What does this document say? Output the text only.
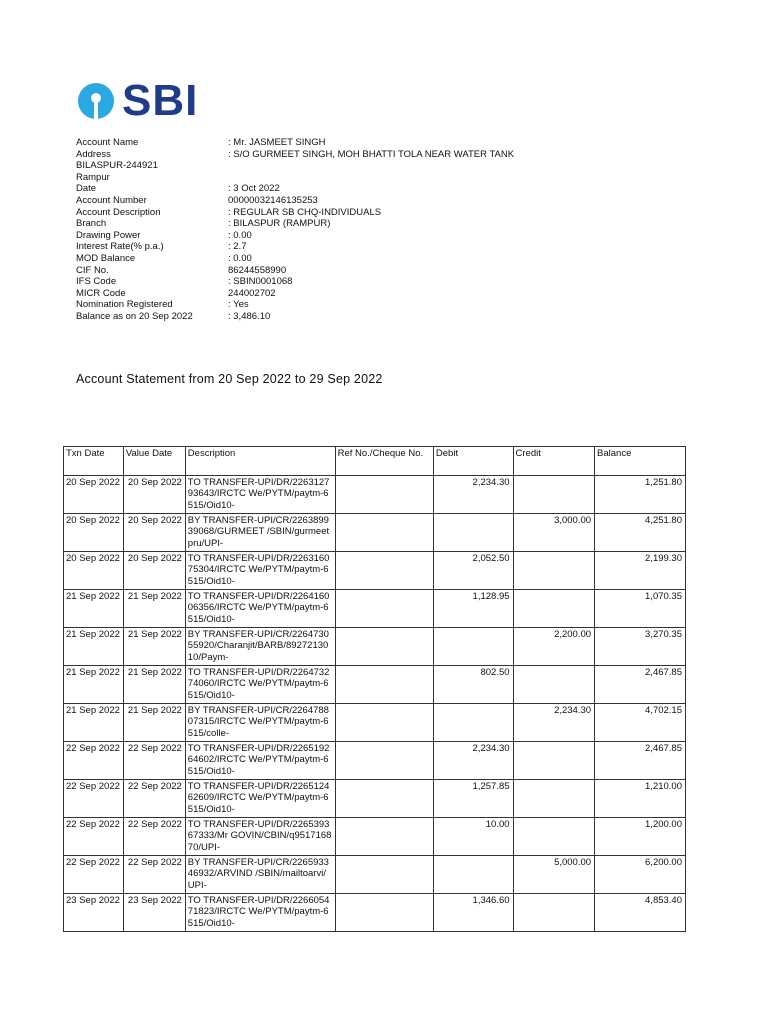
SBI
Account Name	: Mr. JASMEET SINGH
Address	: S/O GURMEET SINGH, MOH BHATTI TOLA NEAR WATER TANK
BILASPUR-244921
Rampur
Date	: 3 Oct 2022
Account Number	00000032146135253
Account Description	: REGULAR SB CHQ-INDIVIDUALS
Branch	: BILASPUR (RAMPUR)
Drawing Power	: 0.00
Interest Rate(% p.a.)	: 2.7
MOD Balance	: 0.00
CIF No.	86244558990
IFS Code	: SBIN0001068
MICR Code	244002702
Nomination Registered	: Yes
Balance as on 20 Sep 2022	: 3,486.10
Account Statement from 20 Sep 2022 to 29 Sep 2022
Txn Date	Value Date	Description	Ref No./Cheque No.	Debit	Credit	Balance
20 Sep 2022	20 Sep 2022	TO TRANSFER-UPI/DR/226312793643/IRCTC We/PYTM/paytm-6515/Oid10-		2,234.30		1,251.80
20 Sep 2022	20 Sep 2022	BY TRANSFER-UPI/CR/226389939068/GURMEET /SBIN/gurmeetpru/UPI-			3,000.00	4,251.80
20 Sep 2022	20 Sep 2022	TO TRANSFER-UPI/DR/226316075304/IRCTC We/PYTM/paytm-6515/Oid10-		2,052.50		2,199.30
21 Sep 2022	21 Sep 2022	TO TRANSFER-UPI/DR/226416006356/IRCTC We/PYTM/paytm-6515/Oid10-		1,128.95		1,070.35
21 Sep 2022	21 Sep 2022	BY TRANSFER-UPI/CR/226473055920/Charanjit/BARB/8927213010/Paym-			2,200.00	3,270.35
21 Sep 2022	21 Sep 2022	TO TRANSFER-UPI/DR/226473274060/IRCTC We/PYTM/paytm-6515/Oid10-		802.50		2,467.85
21 Sep 2022	21 Sep 2022	BY TRANSFER-UPI/CR/226478807315/IRCTC We/PYTM/paytm-6515/colle-			2,234.30	4,702.15
22 Sep 2022	22 Sep 2022	TO TRANSFER-UPI/DR/226519264602/IRCTC We/PYTM/paytm-6515/Oid10-		2,234.30		2,467.85
22 Sep 2022	22 Sep 2022	TO TRANSFER-UPI/DR/226512462609/IRCTC We/PYTM/paytm-6515/Oid10-		1,257.85		1,210.00
22 Sep 2022	22 Sep 2022	TO TRANSFER-UPI/DR/226539367333/Mr GOVIN/CBIN/q951716870/UPI-		10.00		1,200.00
22 Sep 2022	22 Sep 2022	BY TRANSFER-UPI/CR/226593346932/ARVIND /SBIN/mailtoarvi/UPI-			5,000.00	6,200.00
23 Sep 2022	23 Sep 2022	TO TRANSFER-UPI/DR/226605471823/IRCTC We/PYTM/paytm-6515/Oid10-		1,346.60		4,853.40
